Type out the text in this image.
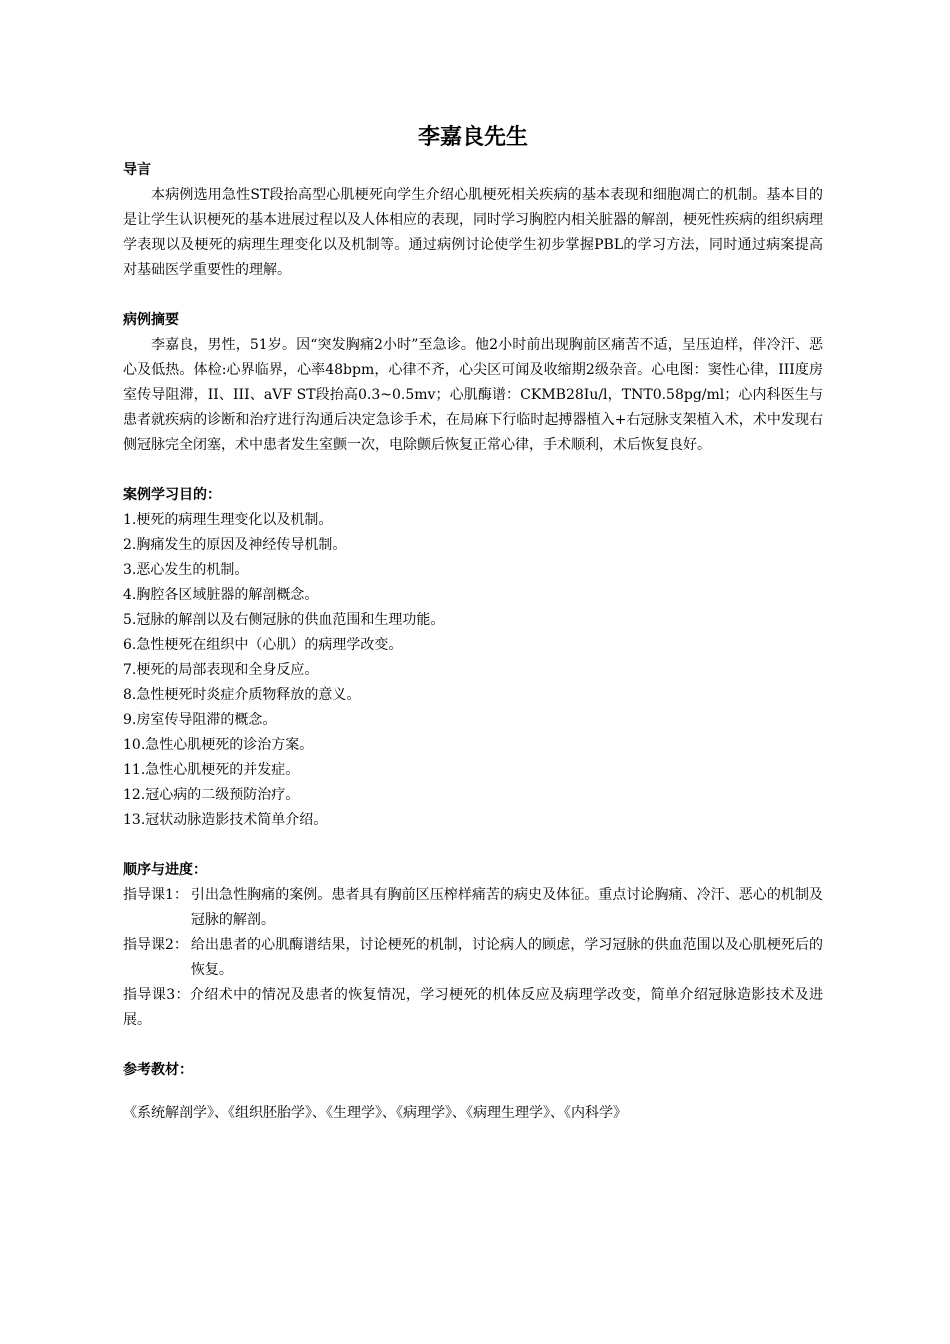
李嘉良先生
导言
本病例选用急性ST段抬高型心肌梗死向学生介绍心肌梗死相关疾病的基本表现和细胞凋亡的机制。基本目的是让学生认识梗死的基本进展过程以及人体相应的表现，同时学习胸腔内相关脏器的解剖，梗死性疾病的组织病理学表现以及梗死的病理生理变化以及机制等。通过病例讨论使学生初步掌握PBL的学习方法，同时通过病案提高对基础医学重要性的理解。
病例摘要
李嘉良，男性，51岁。因“突发胸痛2小时”至急诊。他2小时前出现胸前区痛苦不适，呈压迫样，伴冷汗、恶心及低热。体检:心界临界，心率48bpm，心律不齐，心尖区可闻及收缩期2级杂音。心电图：窦性心律，III度房室传导阻滞，II、III、aVF ST段抬高0.3~0.5mv；心肌酶谱：CKMB28Iu/l，TNT0.58pg/ml；心内科医生与患者就疾病的诊断和治疗进行沟通后决定急诊手术，在局麻下行临时起搏器植入+右冠脉支架植入术，术中发现右侧冠脉完全闭塞，术中患者发生室颤一次，电除颤后恢复正常心律，手术顺利，术后恢复良好。
案例学习目的：
1.梗死的病理生理变化以及机制。
2.胸痛发生的原因及神经传导机制。
3.恶心发生的机制。
4.胸腔各区域脏器的解剖概念。
5.冠脉的解剖以及右侧冠脉的供血范围和生理功能。
6.急性梗死在组织中（心肌）的病理学改变。
7.梗死的局部表现和全身反应。
8.急性梗死时炎症介质物释放的意义。
9.房室传导阻滞的概念。
10.急性心肌梗死的诊治方案。
11.急性心肌梗死的并发症。
12.冠心病的二级预防治疗。
13.冠状动脉造影技术简单介绍。
顺序与进度：
指导课1： 引出急性胸痛的案例。患者具有胸前区压榨样痛苦的病史及体征。重点讨论胸痛、冷汗、恶心的机制及冠脉的解剖。
指导课2： 给出患者的心肌酶谱结果，讨论梗死的机制，讨论病人的顾虑，学习冠脉的供血范围以及心肌梗死后的恢复。
指导课3：介绍术中的情况及患者的恢复情况，学习梗死的机体反应及病理学改变，简单介绍冠脉造影技术及进展。
参考教材：
《系统解剖学》、《组织胚胎学》、《生理学》、《病理学》、《病理生理学》、《内科学》
